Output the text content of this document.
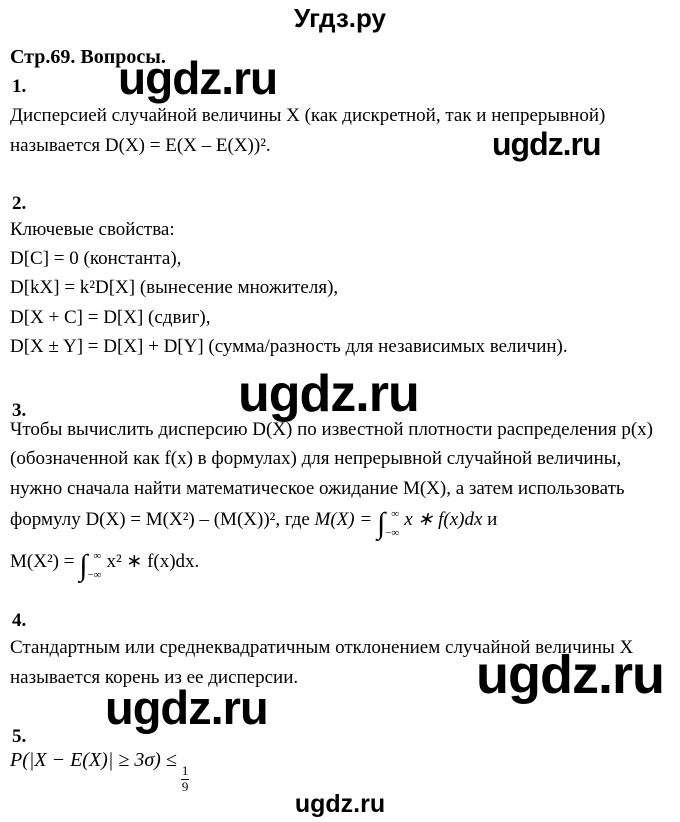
Угдз.ру
Стр.69. Вопросы.
1.
Дисперсией случайной величины X (как дискретной, так и непрерывной)
называется D(X) = E(X – E(X))².
2.
Ключевые свойства:
D[C] = 0 (константа),
D[kX] = k²D[X] (вынесение множителя),
D[X + C] = D[X] (сдвиг),
D[X ± Y] = D[X] + D[Y] (сумма/разность для независимых величин).
3.
Чтобы вычислить дисперсию D(X) по известной плотности распределения p(x)
(обозначенной как f(x) в формулах) для непрерывной случайной величины,
нужно сначала найти математическое ожидание M(X), а затем использовать
формулу D(X) = M(X²) – (M(X))², где M(X) = ∫ ∞
−∞
x ∗ f(x)dx и
M(X²) = ∫ ∞
−∞
x² ∗ f(x)dx.
4.
Стандартным или среднеквадратичным отклонением случайной величины X
называется корень из ее дисперсии.
5.
P(|X − E(X)| ≥ 3σ) ≤
$\frac{1}{9}$
ugdz.ru
ugdz.ru
ugdz.ru
ugdz.ru
ugdz.ru
ugdz.ru
